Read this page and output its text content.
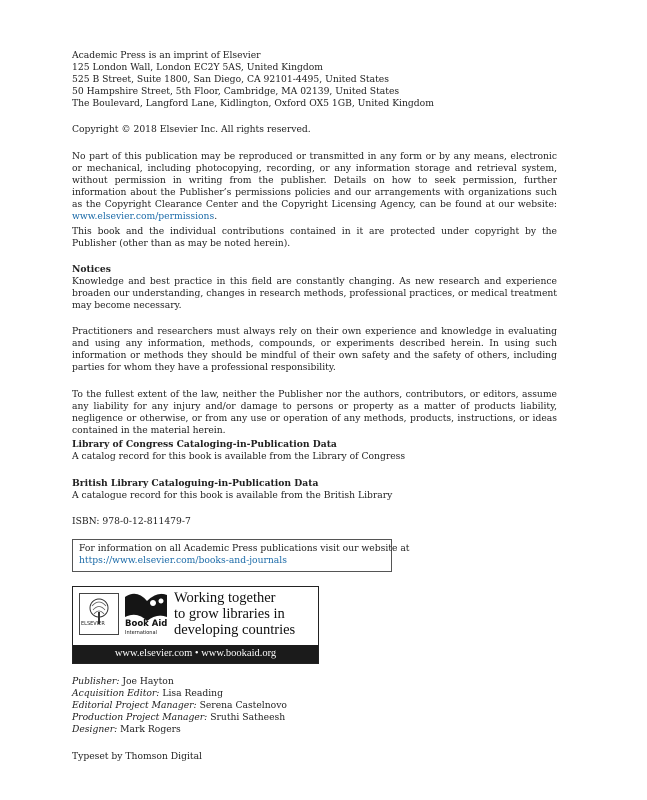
Academic Press is an imprint of Elsevier
125 London Wall, London EC2Y 5AS, United Kingdom
525 B Street, Suite 1800, San Diego, CA 92101-4495, United States
50 Hampshire Street, 5th Floor, Cambridge, MA 02139, United States
The Boulevard, Langford Lane, Kidlington, Oxford OX5 1GB, United Kingdom
Copyright © 2018 Elsevier Inc. All rights reserved.
No part of this publication may be reproduced or transmitted in any form or by any means, electronic or mechanical, including photocopying, recording, or any information storage and retrieval system, without permission in writing from the publisher. Details on how to seek permission, further information about the Publisher’s permissions policies and our arrangements with organizations such as the Copyright Clearance Center and the Copyright Licensing Agency, can be found at our website: www.elsevier.com/permissions.
This book and the individual contributions contained in it are protected under copyright by the Publisher (other than as may be noted herein).
Notices
Knowledge and best practice in this field are constantly changing. As new research and experience broaden our understanding, changes in research methods, professional practices, or medical treatment may become necessary.
Practitioners and researchers must always rely on their own experience and knowledge in evaluating and using any information, methods, compounds, or experiments described herein. In using such information or methods they should be mindful of their own safety and the safety of others, including parties for whom they have a professional responsibility.
To the fullest extent of the law, neither the Publisher nor the authors, contributors, or editors, assume any liability for any injury and/or damage to persons or property as a matter of products liability, negligence or otherwise, or from any use or operation of any methods, products, instructions, or ideas contained in the material herein.
Library of Congress Cataloging-in-Publication Data
A catalog record for this book is available from the Library of Congress
British Library Cataloguing-in-Publication Data
A catalogue record for this book is available from the British Library
ISBN: 978-0-12-811479-7
For information on all Academic Press publications visit our website at
https://www.elsevier.com/books-and-journals
ELSEVIER Book Aid
International
Working together
to grow libraries in
developing countries
www.elsevier.com • www.bookaid.org
Publisher: Joe Hayton
Acquisition Editor: Lisa Reading
Editorial Project Manager: Serena Castelnovo
Production Project Manager: Sruthi Satheesh
Designer: Mark Rogers
Typeset by Thomson Digital
